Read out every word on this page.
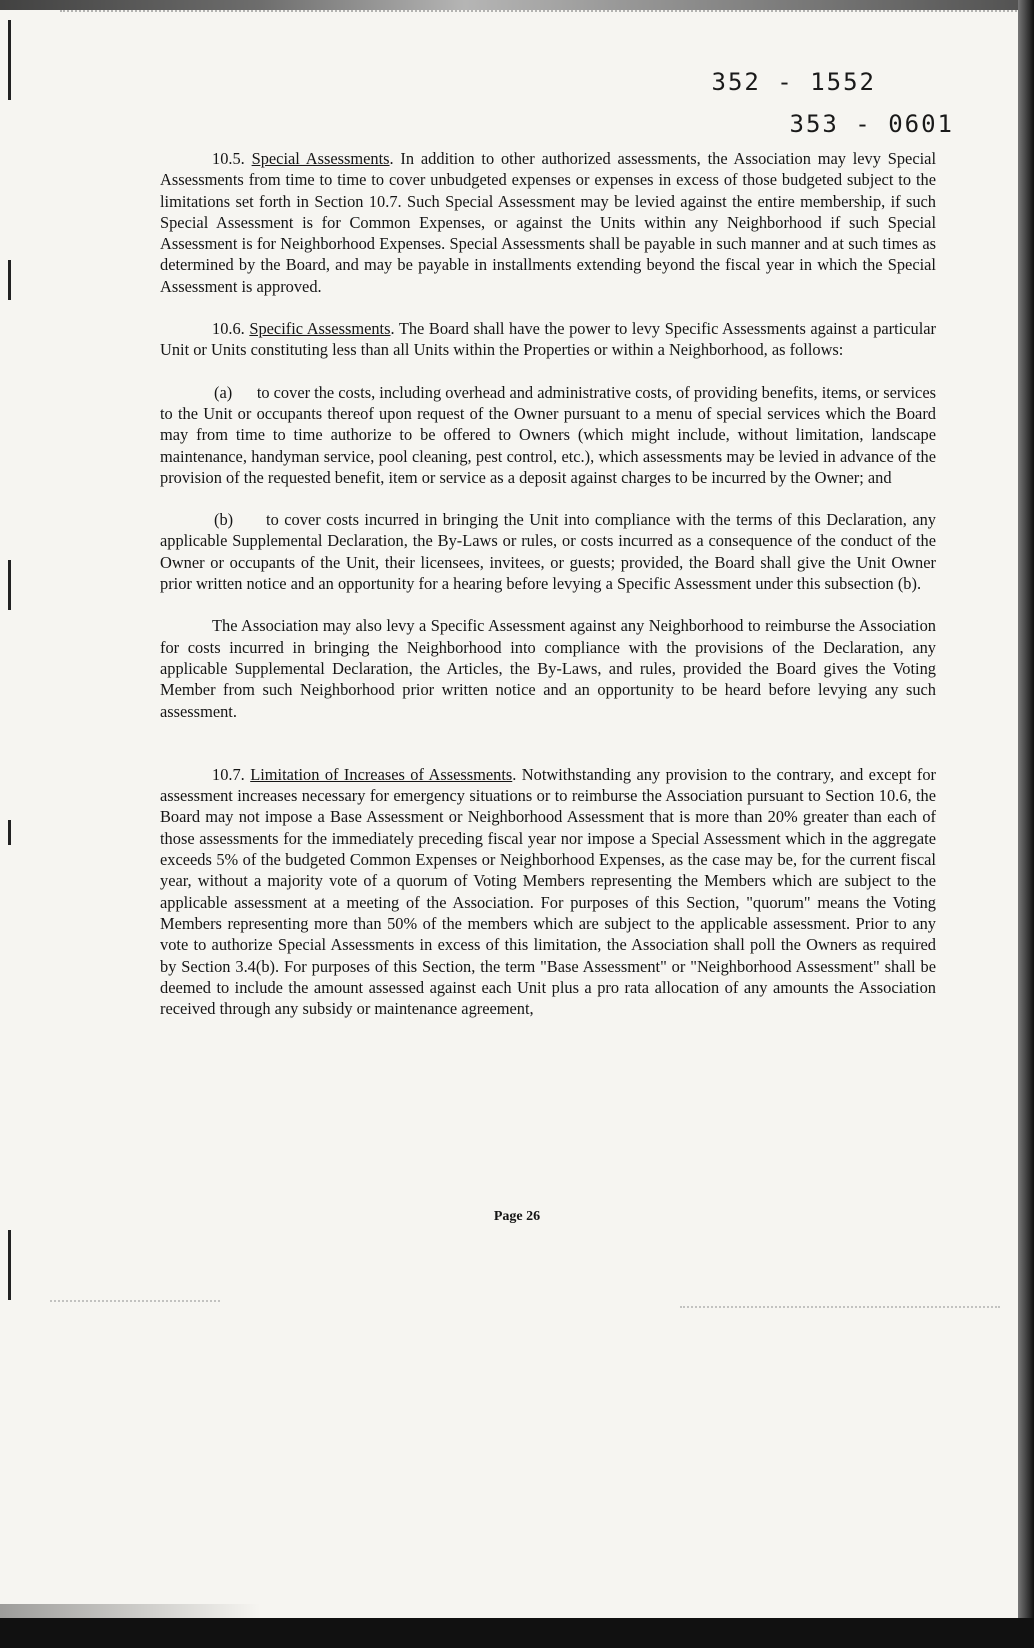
352 - 1552
353 - 0601

10.5. Special Assessments. In addition to other authorized assessments, the Association may levy Special Assessments from time to time to cover unbudgeted expenses or expenses in excess of those budgeted subject to the limitations set forth in Section 10.7. Such Special Assessment may be levied against the entire membership, if such Special Assessment is for Common Expenses, or against the Units within any Neighborhood if such Special Assessment is for Neighborhood Expenses. Special Assessments shall be payable in such manner and at such times as determined by the Board, and may be payable in installments extending beyond the fiscal year in which the Special Assessment is approved.

10.6. Specific Assessments. The Board shall have the power to levy Specific Assessments against a particular Unit or Units constituting less than all Units within the Properties or within a Neighborhood, as follows:

(a) to cover the costs, including overhead and administrative costs, of providing benefits, items, or services to the Unit or occupants thereof upon request of the Owner pursuant to a menu of special services which the Board may from time to time authorize to be offered to Owners (which might include, without limitation, landscape maintenance, handyman service, pool cleaning, pest control, etc.), which assessments may be levied in advance of the provision of the requested benefit, item or service as a deposit against charges to be incurred by the Owner; and

(b) to cover costs incurred in bringing the Unit into compliance with the terms of this Declaration, any applicable Supplemental Declaration, the By-Laws or rules, or costs incurred as a consequence of the conduct of the Owner or occupants of the Unit, their licensees, invitees, or guests; provided, the Board shall give the Unit Owner prior written notice and an opportunity for a hearing before levying a Specific Assessment under this subsection (b).

The Association may also levy a Specific Assessment against any Neighborhood to reimburse the Association for costs incurred in bringing the Neighborhood into compliance with the provisions of the Declaration, any applicable Supplemental Declaration, the Articles, the By-Laws, and rules, provided the Board gives the Voting Member from such Neighborhood prior written notice and an opportunity to be heard before levying any such assessment.

10.7. Limitation of Increases of Assessments. Notwithstanding any provision to the contrary, and except for assessment increases necessary for emergency situations or to reimburse the Association pursuant to Section 10.6, the Board may not impose a Base Assessment or Neighborhood Assessment that is more than 20% greater than each of those assessments for the immediately preceding fiscal year nor impose a Special Assessment which in the aggregate exceeds 5% of the budgeted Common Expenses or Neighborhood Expenses, as the case may be, for the current fiscal year, without a majority vote of a quorum of Voting Members representing the Members which are subject to the applicable assessment at a meeting of the Association. For purposes of this Section, "quorum" means the Voting Members representing more than 50% of the members which are subject to the applicable assessment. Prior to any vote to authorize Special Assessments in excess of this limitation, the Association shall poll the Owners as required by Section 3.4(b). For purposes of this Section, the term "Base Assessment" or "Neighborhood Assessment" shall be deemed to include the amount assessed against each Unit plus a pro rata allocation of any amounts the Association received through any subsidy or maintenance agreement,

Page 26
